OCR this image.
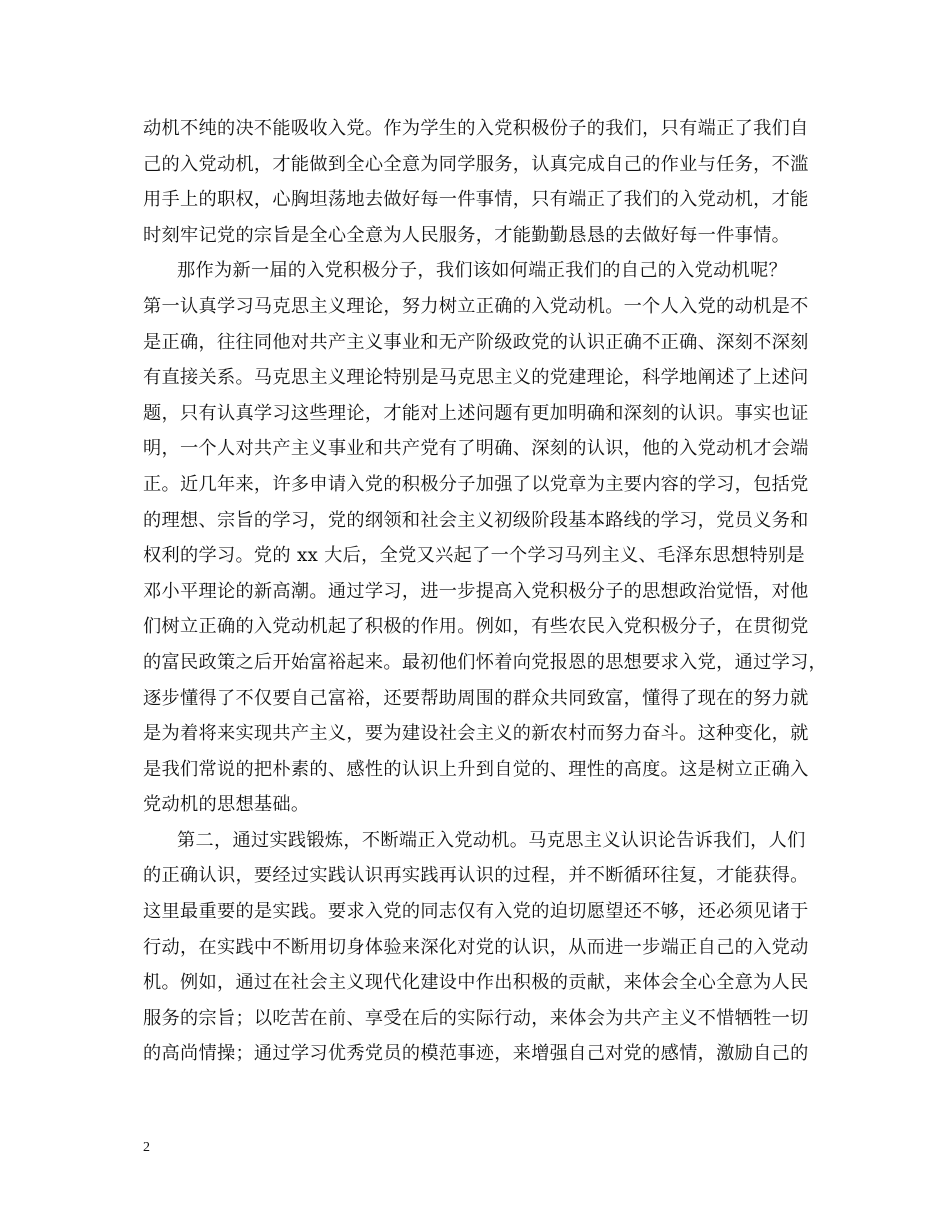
动机不纯的决不能吸收入党。作为学生的入党积极份子的我们，只有端正了我们自
己的入党动机，才能做到全心全意为同学服务，认真完成自己的作业与任务，不滥
用手上的职权，心胸坦荡地去做好每一件事情，只有端正了我们的入党动机，才能
时刻牢记党的宗旨是全心全意为人民服务，才能勤勤恳恳的去做好每一件事情。
那作为新一届的入党积极分子，我们该如何端正我们的自己的入党动机呢？
第一认真学习马克思主义理论，努力树立正确的入党动机。一个人入党的动机是不
是正确，往往同他对共产主义事业和无产阶级政党的认识正确不正确、深刻不深刻
有直接关系。马克思主义理论特别是马克思主义的党建理论，科学地阐述了上述问
题，只有认真学习这些理论，才能对上述问题有更加明确和深刻的认识。事实也证
明，一个人对共产主义事业和共产党有了明确、深刻的认识，他的入党动机才会端
正。近几年来，许多申请入党的积极分子加强了以党章为主要内容的学习，包括党
的理想、宗旨的学习，党的纲领和社会主义初级阶段基本路线的学习，党员义务和
权利的学习。党的 xx 大后，全党又兴起了一个学习马列主义、毛泽东思想特别是
邓小平理论的新高潮。通过学习，进一步提高入党积极分子的思想政治觉悟，对他
们树立正确的入党动机起了积极的作用。例如，有些农民入党积极分子，在贯彻党
的富民政策之后开始富裕起来。最初他们怀着向党报恩的思想要求入党，通过学习，
逐步懂得了不仅要自己富裕，还要帮助周围的群众共同致富，懂得了现在的努力就
是为着将来实现共产主义，要为建设社会主义的新农村而努力奋斗。这种变化，就
是我们常说的把朴素的、感性的认识上升到自觉的、理性的高度。这是树立正确入
党动机的思想基础。
第二，通过实践锻炼，不断端正入党动机。马克思主义认识论告诉我们，人们
的正确认识，要经过实践认识再实践再认识的过程，并不断循环往复，才能获得。
这里最重要的是实践。要求入党的同志仅有入党的迫切愿望还不够，还必须见诸于
行动，在实践中不断用切身体验来深化对党的认识，从而进一步端正自己的入党动
机。例如，通过在社会主义现代化建设中作出积极的贡献，来体会全心全意为人民
服务的宗旨；以吃苦在前、享受在后的实际行动，来体会为共产主义不惜牺牲一切
的高尚情操；通过学习优秀党员的模范事迹，来增强自己对党的感情，激励自己的
2
